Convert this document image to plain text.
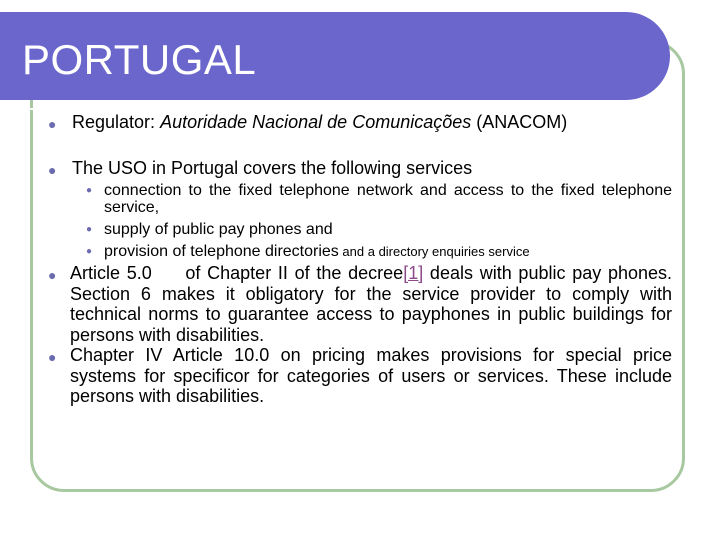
PORTUGAL
● Regulator: Autoridade Nacional de Comunicações (ANACOM)
● The USO in Portugal covers the following services
● connection to the fixed telephone network and access to the fixed telephone service,
● supply of public pay phones and
● provision of telephone directories and a directory enquiries service
● Article 5.0     of Chapter II of the decree[1] deals with public pay phones. Section 6 makes it obligatory for the service provider to comply with technical norms to guarantee access to payphones in public buildings for persons with disabilities.
● Chapter IV Article 10.0 on pricing makes provisions for special price systems for specificor for categories of users or services. These include persons with disabilities.
